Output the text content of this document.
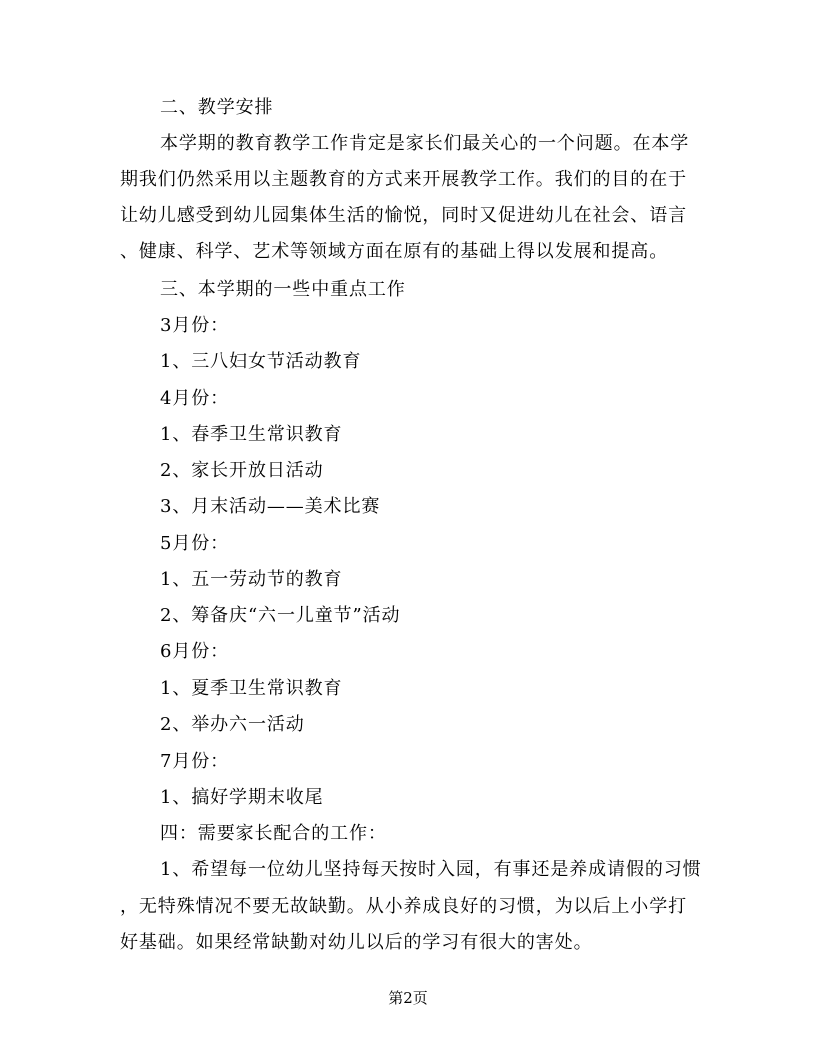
二、教学安排
本学期的教育教学工作肯定是家长们最关心的一个问题。在本学
期我们仍然采用以主题教育的方式来开展教学工作。我们的目的在于
让幼儿感受到幼儿园集体生活的愉悦，同时又促进幼儿在社会、语言
、健康、科学、艺术等领域方面在原有的基础上得以发展和提高。
三、本学期的一些中重点工作
3月份：
1、三八妇女节活动教育
4月份：
1、春季卫生常识教育
2、家长开放日活动
3、月末活动——美术比赛
5月份：
1、五一劳动节的教育
2、筹备庆“六一儿童节”活动
6月份：
1、夏季卫生常识教育
2、举办六一活动
7月份：
1、搞好学期末收尾
四：需要家长配合的工作：
1、希望每一位幼儿坚持每天按时入园，有事还是养成请假的习惯
，无特殊情况不要无故缺勤。从小养成良好的习惯，为以后上小学打
好基础。如果经常缺勤对幼儿以后的学习有很大的害处。
第2页
